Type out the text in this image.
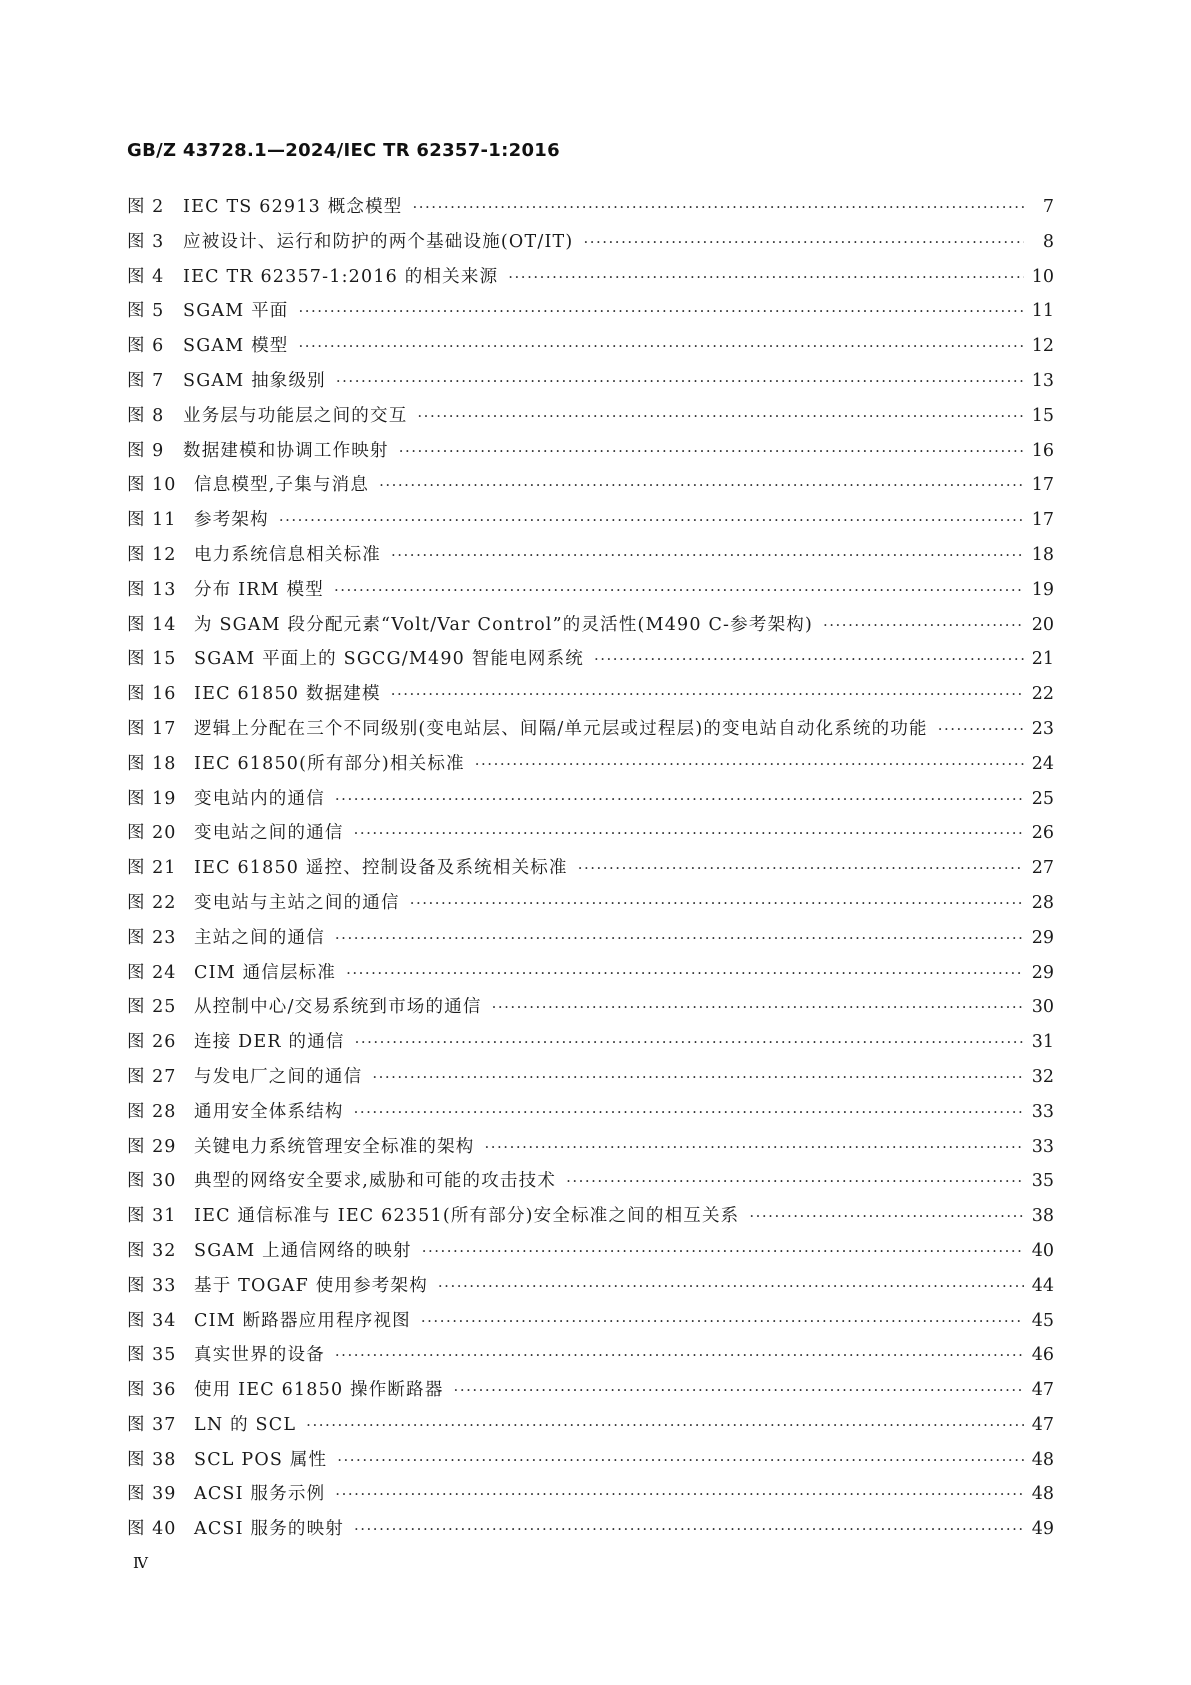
GB/Z 43728.1—2024/IEC TR 62357-1:2016
图 2	IEC TS 62913 概念模型 ·····	7
图 3	应被设计、运行和防护的两个基础设施(OT/IT) ·····	8
图 4	IEC TR 62357-1:2016 的相关来源 ·····	10
图 5	SGAM 平面 ·····	11
图 6	SGAM 模型 ·····	12
图 7	SGAM 抽象级别 ·····	13
图 8	业务层与功能层之间的交互 ·····	15
图 9	数据建模和协调工作映射 ·····	16
图 10	信息模型,子集与消息 ·····	17
图 11	参考架构 ·····	17
图 12	电力系统信息相关标准 ·····	18
图 13	分布 IRM 模型 ·····	19
图 14	为 SGAM 段分配元素“Volt/Var Control”的灵活性(M490 C-参考架构) ·····	20
图 15	SGAM 平面上的 SGCG/M490 智能电网系统 ·····	21
图 16	IEC 61850 数据建模 ·····	22
图 17	逻辑上分配在三个不同级别(变电站层、间隔/单元层或过程层)的变电站自动化系统的功能 ·····	23
图 18	IEC 61850(所有部分)相关标准 ·····	24
图 19	变电站内的通信 ·····	25
图 20	变电站之间的通信 ·····	26
图 21	IEC 61850 遥控、控制设备及系统相关标准 ·····	27
图 22	变电站与主站之间的通信 ·····	28
图 23	主站之间的通信 ·····	29
图 24	CIM 通信层标准 ·····	29
图 25	从控制中心/交易系统到市场的通信 ·····	30
图 26	连接 DER 的通信 ·····	31
图 27	与发电厂之间的通信 ·····	32
图 28	通用安全体系结构 ·····	33
图 29	关键电力系统管理安全标准的架构 ·····	33
图 30	典型的网络安全要求,威胁和可能的攻击技术 ·····	35
图 31	IEC 通信标准与 IEC 62351(所有部分)安全标准之间的相互关系 ·····	38
图 32	SGAM 上通信网络的映射 ·····	40
图 33	基于 TOGAF 使用参考架构 ·····	44
图 34	CIM 断路器应用程序视图 ·····	45
图 35	真实世界的设备 ·····	46
图 36	使用 IEC 61850 操作断路器 ·····	47
图 37	LN 的 SCL ·····	47
图 38	SCL POS 属性 ·····	48
图 39	ACSI 服务示例 ·····	48
图 40	ACSI 服务的映射 ·····	49
Ⅳ
